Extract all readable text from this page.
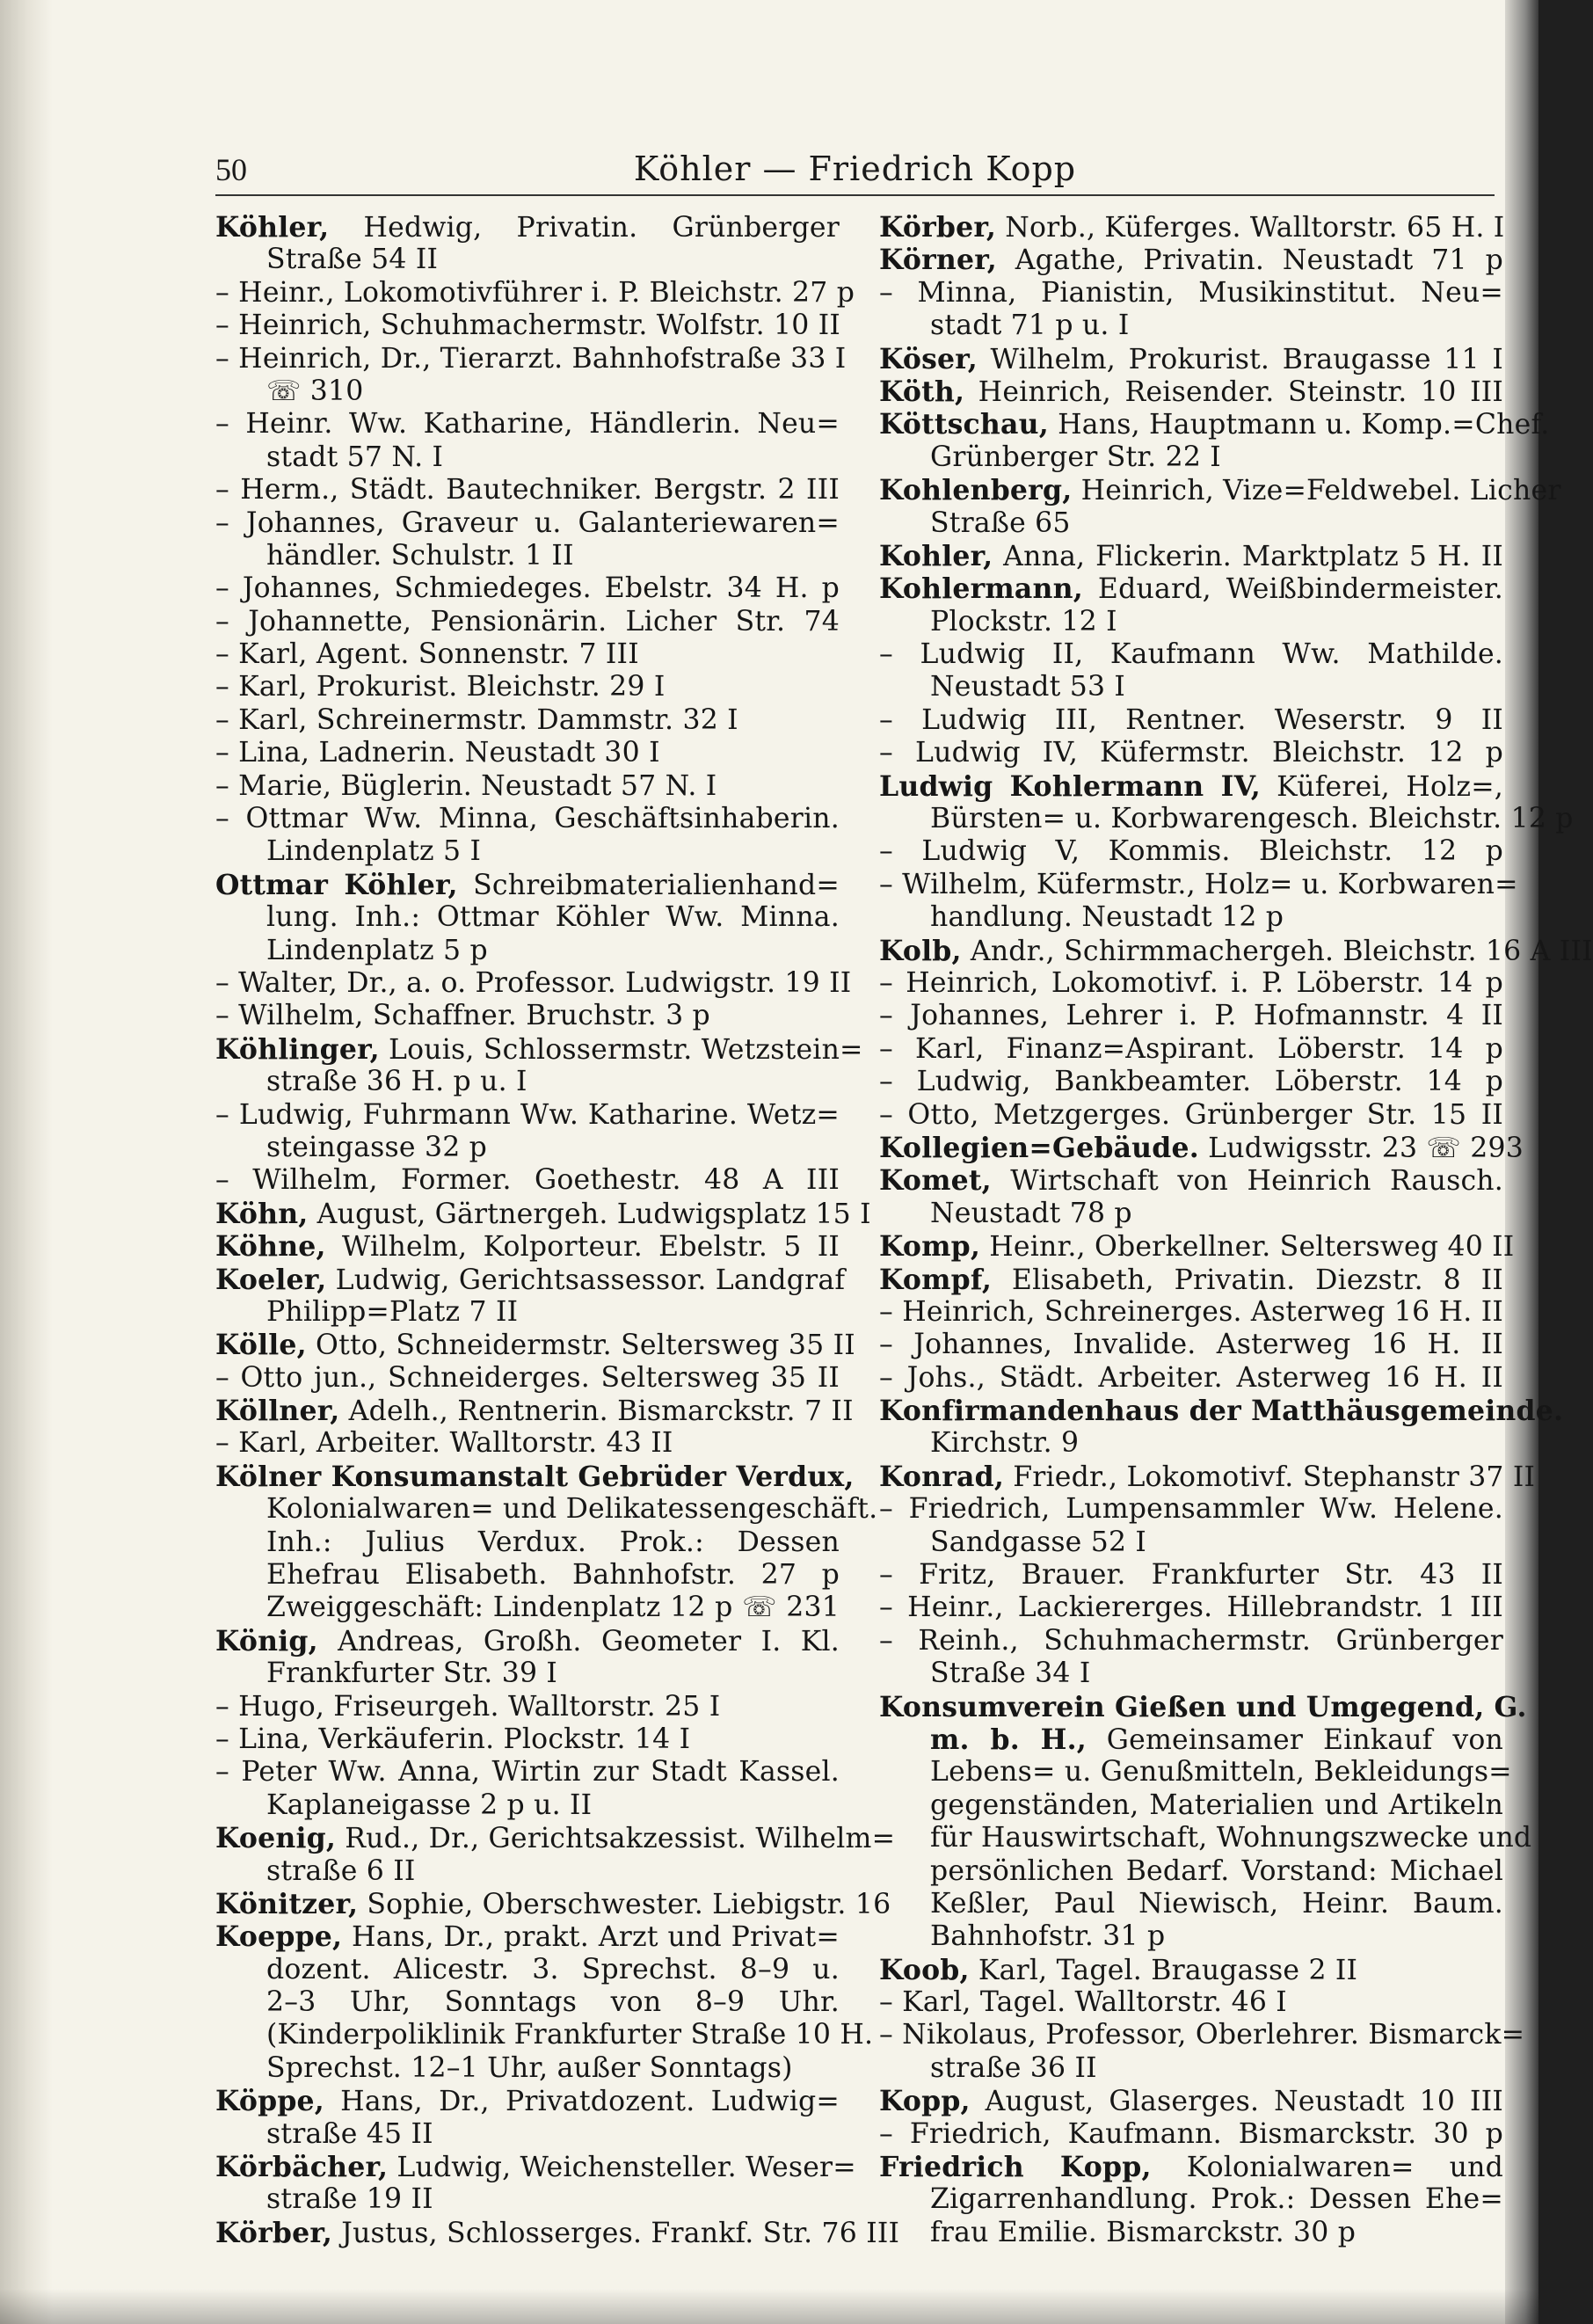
50	Köhler — Friedrich Kopp
Köhler, Hedwig, Privatin. Grünberger
Straße 54 II
– Heinr., Lokomotivführer i. P. Bleichstr. 27 p
– Heinrich, Schuhmachermstr. Wolfstr. 10 II
– Heinrich, Dr., Tierarzt. Bahnhofstraße 33 I
☏ 310
– Heinr. Ww. Katharine, Händlerin. Neu=
stadt 57 N. I
– Herm., Städt. Bautechniker. Bergstr. 2 III
– Johannes, Graveur u. Galanteriewaren=
händler. Schulstr. 1 II
– Johannes, Schmiedeges. Ebelstr. 34 H. p
– Johannette, Pensionärin. Licher Str. 74
– Karl, Agent. Sonnenstr. 7 III
– Karl, Prokurist. Bleichstr. 29 I
– Karl, Schreinermstr. Dammstr. 32 I
– Lina, Ladnerin. Neustadt 30 I
– Marie, Büglerin. Neustadt 57 N. I
– Ottmar Ww. Minna, Geschäftsinhaberin.
Lindenplatz 5 I
Ottmar Köhler, Schreibmaterialienhand=
lung. Inh.: Ottmar Köhler Ww. Minna.
Lindenplatz 5 p
– Walter, Dr., a. o. Professor. Ludwigstr. 19 II
– Wilhelm, Schaffner. Bruchstr. 3 p
Köhlinger, Louis, Schlossermstr. Wetzstein=
straße 36 H. p u. I
– Ludwig, Fuhrmann Ww. Katharine. Wetz=
steingasse 32 p
– Wilhelm, Former. Goethestr. 48 A III
Köhn, August, Gärtnergeh. Ludwigsplatz 15 I
Köhne, Wilhelm, Kolporteur. Ebelstr. 5 II
Koeler, Ludwig, Gerichtsassessor. Landgraf
Philipp=Platz 7 II
Kölle, Otto, Schneidermstr. Seltersweg 35 II
– Otto jun., Schneiderges. Seltersweg 35 II
Köllner, Adelh., Rentnerin. Bismarckstr. 7 II
– Karl, Arbeiter. Walltorstr. 43 II
Kölner Konsumanstalt Gebrüder Verdux,
Kolonialwaren= und Delikatessengeschäft.
Inh.: Julius Verdux. Prok.: Dessen
Ehefrau Elisabeth. Bahnhofstr. 27 p
Zweiggeschäft: Lindenplatz 12 p ☏ 231
König, Andreas, Großh. Geometer I. Kl.
Frankfurter Str. 39 I
– Hugo, Friseurgeh. Walltorstr. 25 I
– Lina, Verkäuferin. Plockstr. 14 I
– Peter Ww. Anna, Wirtin zur Stadt Kassel.
Kaplaneigasse 2 p u. II
Koenig, Rud., Dr., Gerichtsakzessist. Wilhelm=
straße 6 II
Könitzer, Sophie, Oberschwester. Liebigstr. 16
Koeppe, Hans, Dr., prakt. Arzt und Privat=
dozent. Alicestr. 3. Sprechst. 8–9 u.
2–3 Uhr, Sonntags von 8–9 Uhr.
(Kinderpoliklinik Frankfurter Straße 10 H.
Sprechst. 12–1 Uhr, außer Sonntags)
Köppe, Hans, Dr., Privatdozent. Ludwig=
straße 45 II
Körbächer, Ludwig, Weichensteller. Weser=
straße 19 II
Körber, Justus, Schlosserges. Frankf. Str. 76 III
Körber, Norb., Küferges. Walltorstr. 65 H. I
Körner, Agathe, Privatin. Neustadt 71 p
– Minna, Pianistin, Musikinstitut. Neu=
stadt 71 p u. I
Köser, Wilhelm, Prokurist. Braugasse 11 I
Köth, Heinrich, Reisender. Steinstr. 10 III
Köttschau, Hans, Hauptmann u. Komp.=Chef.
Grünberger Str. 22 I
Kohlenberg, Heinrich, Vize=Feldwebel. Licher
Straße 65
Kohler, Anna, Flickerin. Marktplatz 5 H. II
Kohlermann, Eduard, Weißbindermeister.
Plockstr. 12 I
– Ludwig II, Kaufmann Ww. Mathilde.
Neustadt 53 I
– Ludwig III, Rentner. Weserstr. 9 II
– Ludwig IV, Küfermstr. Bleichstr. 12 p
Ludwig Kohlermann IV, Küferei, Holz=,
Bürsten= u. Korbwarengesch. Bleichstr. 12 p
– Ludwig V, Kommis. Bleichstr. 12 p
– Wilhelm, Küfermstr., Holz= u. Korbwaren=
handlung. Neustadt 12 p
Kolb, Andr., Schirmmachergeh. Bleichstr. 16 A III
– Heinrich, Lokomotivf. i. P. Löberstr. 14 p
– Johannes, Lehrer i. P. Hofmannstr. 4 II
– Karl, Finanz=Aspirant. Löberstr. 14 p
– Ludwig, Bankbeamter. Löberstr. 14 p
– Otto, Metzgerges. Grünberger Str. 15 II
Kollegien=Gebäude. Ludwigsstr. 23 ☏ 293
Komet, Wirtschaft von Heinrich Rausch.
Neustadt 78 p
Komp, Heinr., Oberkellner. Seltersweg 40 II
Kompf, Elisabeth, Privatin. Diezstr. 8 II
– Heinrich, Schreinerges. Asterweg 16 H. II
– Johannes, Invalide. Asterweg 16 H. II
– Johs., Städt. Arbeiter. Asterweg 16 H. II
Konfirmandenhaus der Matthäusgemeinde.
Kirchstr. 9
Konrad, Friedr., Lokomotivf. Stephanstr 37 II
– Friedrich, Lumpensammler Ww. Helene.
Sandgasse 52 I
– Fritz, Brauer. Frankfurter Str. 43 II
– Heinr., Lackiererges. Hillebrandstr. 1 III
– Reinh., Schuhmachermstr. Grünberger
Straße 34 I
Konsumverein Gießen und Umgegend, G.
m. b. H., Gemeinsamer Einkauf von
Lebens= u. Genußmitteln, Bekleidungs=
gegenständen, Materialien und Artikeln
für Hauswirtschaft, Wohnungszwecke und
persönlichen Bedarf. Vorstand: Michael
Keßler, Paul Niewisch, Heinr. Baum.
Bahnhofstr. 31 p
Koob, Karl, Tagel. Braugasse 2 II
– Karl, Tagel. Walltorstr. 46 I
– Nikolaus, Professor, Oberlehrer. Bismarck=
straße 36 II
Kopp, August, Glaserges. Neustadt 10 III
– Friedrich, Kaufmann. Bismarckstr. 30 p
Friedrich Kopp, Kolonialwaren= und
Zigarrenhandlung. Prok.: Dessen Ehe=
frau Emilie. Bismarckstr. 30 p
